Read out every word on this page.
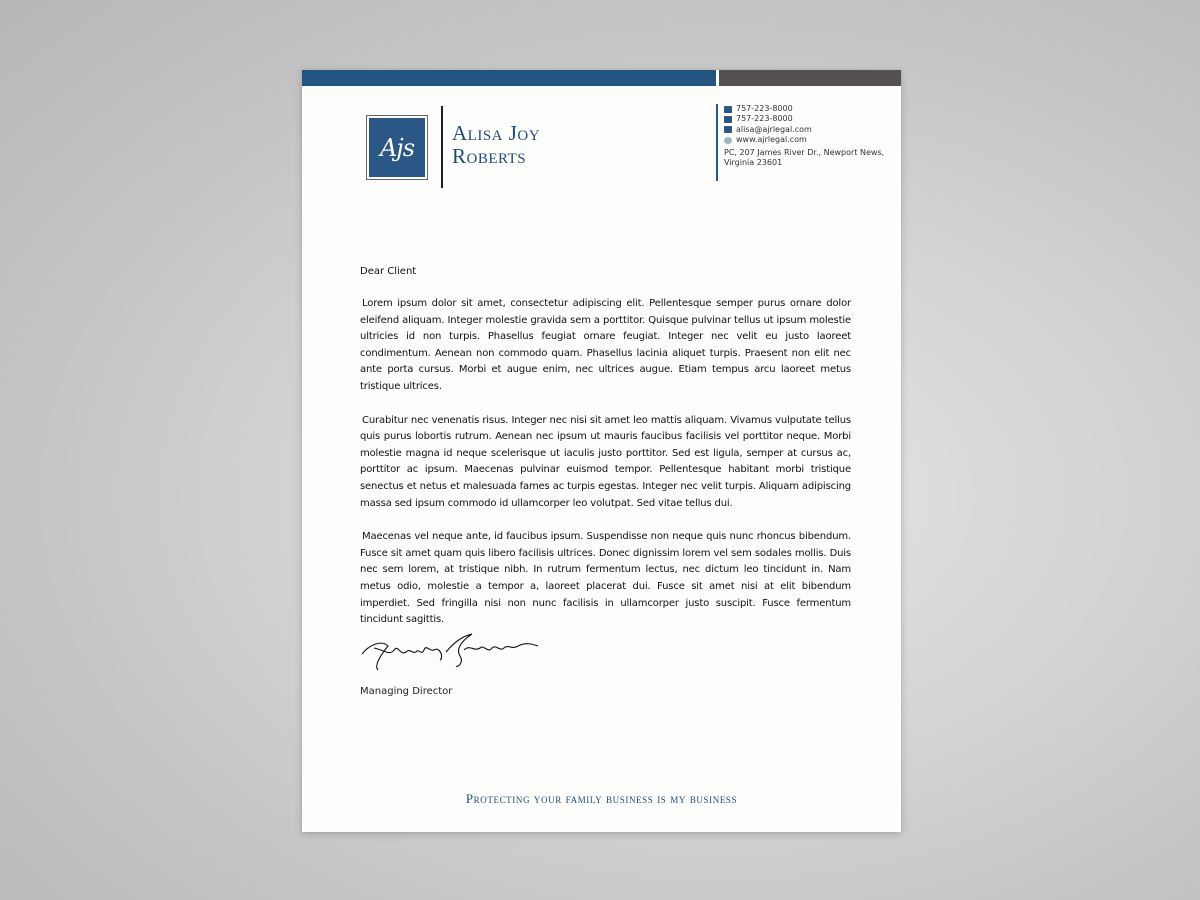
Ajs
Alisa Joy
Roberts
757-223-8000
757-223-8000
alisa@ajrlegal.com
www.ajrlegal.com
PC, 207 James River Dr., Newport News,
Virginia 23601
Dear Client

Lorem ipsum dolor sit amet, consectetur adipiscing elit. Pellentesque semper purus ornare dolor eleifend aliquam. Integer molestie gravida sem a porttitor. Quisque pulvinar tellus ut ipsum molestie ultricies id non turpis. Phasellus feugiat ornare feugiat. Integer nec velit eu justo laoreet condimentum. Aenean non commodo quam. Phasellus lacinia aliquet turpis. Praesent non elit nec ante porta cursus. Morbi et augue enim, nec ultrices augue. Etiam tempus arcu laoreet metus tristique ultrices.

Curabitur nec venenatis risus. Integer nec nisi sit amet leo mattis aliquam. Vivamus vulputate tellus quis purus lobortis rutrum. Aenean nec ipsum ut mauris faucibus facilisis vel porttitor neque. Morbi molestie magna id neque scelerisque ut iaculis justo porttitor. Sed est ligula, semper at cursus ac, porttitor ac ipsum. Maecenas pulvinar euismod tempor. Pellentesque habitant morbi tristique senectus et netus et malesuada fames ac turpis egestas. Integer nec velit turpis. Aliquam adipiscing massa sed ipsum commodo id ullamcorper leo volutpat. Sed vitae tellus dui.

Maecenas vel neque ante, id faucibus ipsum. Suspendisse non neque quis nunc rhoncus bibendum. Fusce sit amet quam quis libero facilisis ultrices. Donec dignissim lorem vel sem sodales mollis. Duis nec sem lorem, at tristique nibh. In rutrum fermentum lectus, nec dictum leo tincidunt in. Nam metus odio, molestie a tempor a, laoreet placerat dui. Fusce sit amet nisi at elit bibendum imperdiet. Sed fringilla nisi non nunc facilisis in ullamcorper justo suscipit. Fusce fermentum tincidunt sagittis.

Managing Director
Protecting your family business is my business
